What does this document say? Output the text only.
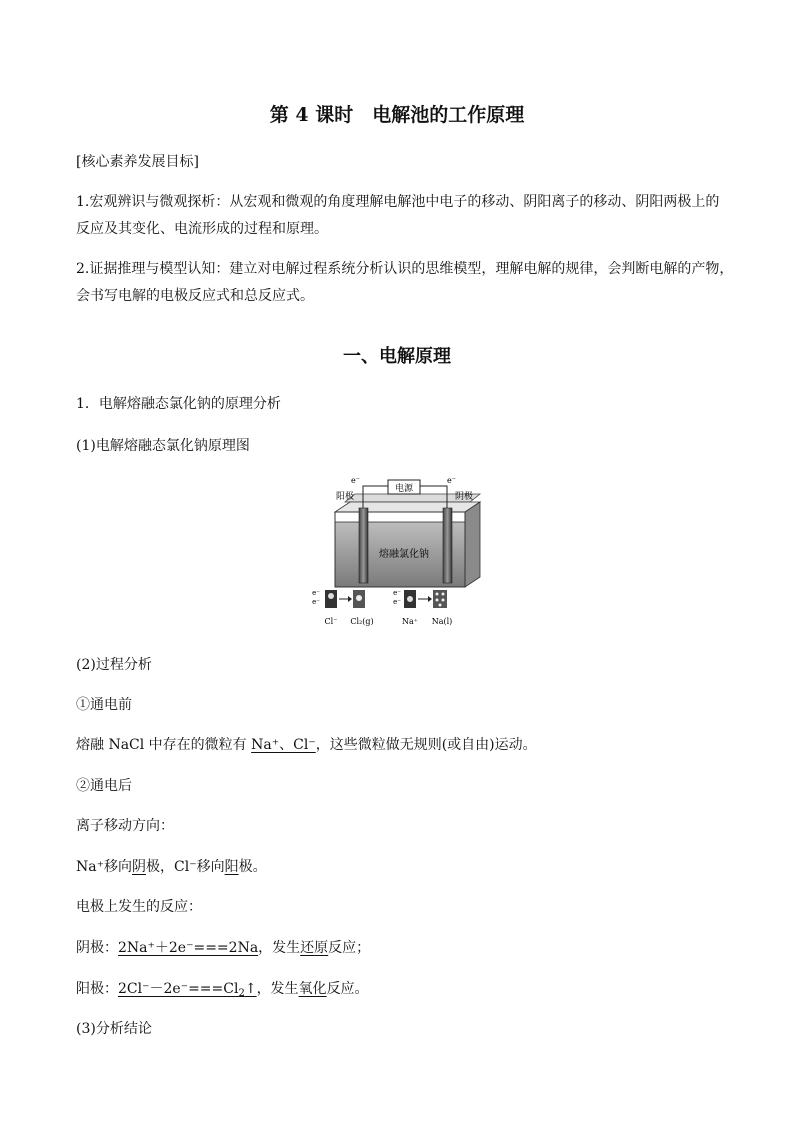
第 4 课时　电解池的工作原理
[核心素养发展目标]
1.宏观辨识与微观探析：从宏观和微观的角度理解电解池中电子的移动、阴阳离子的移动、阴阳两极上的
反应及其变化、电流形成的过程和原理。
2.证据推理与模型认知：建立对电解过程系统分析认识的思维模型，理解电解的规律，会判断电解的产物，
会书写电解的电极反应式和总反应式。
一、电解原理
1．电解熔融态氯化钠的原理分析
(1)电解熔融态氯化钠原理图
电源
e⁻	e⁻
阳极	阴极
熔融氯化钠
e⁻
e⁻
e⁻
e⁻
Cl⁻ Cl₂(g)	Na⁺ Na(l)
(2)过程分析
①通电前
熔融 NaCl 中存在的微粒有 Na⁺、Cl⁻，这些微粒做无规则(或自由)运动。
②通电后
离子移动方向：
Na⁺移向阴极，Cl⁻移向阳极。
电极上发生的反应：
阴极：2Na⁺＋2e⁻===2Na，发生还原反应；
阳极：$2Cl^--2e^-===Cl_2↑$，发生氧化反应。
(3)分析结论
